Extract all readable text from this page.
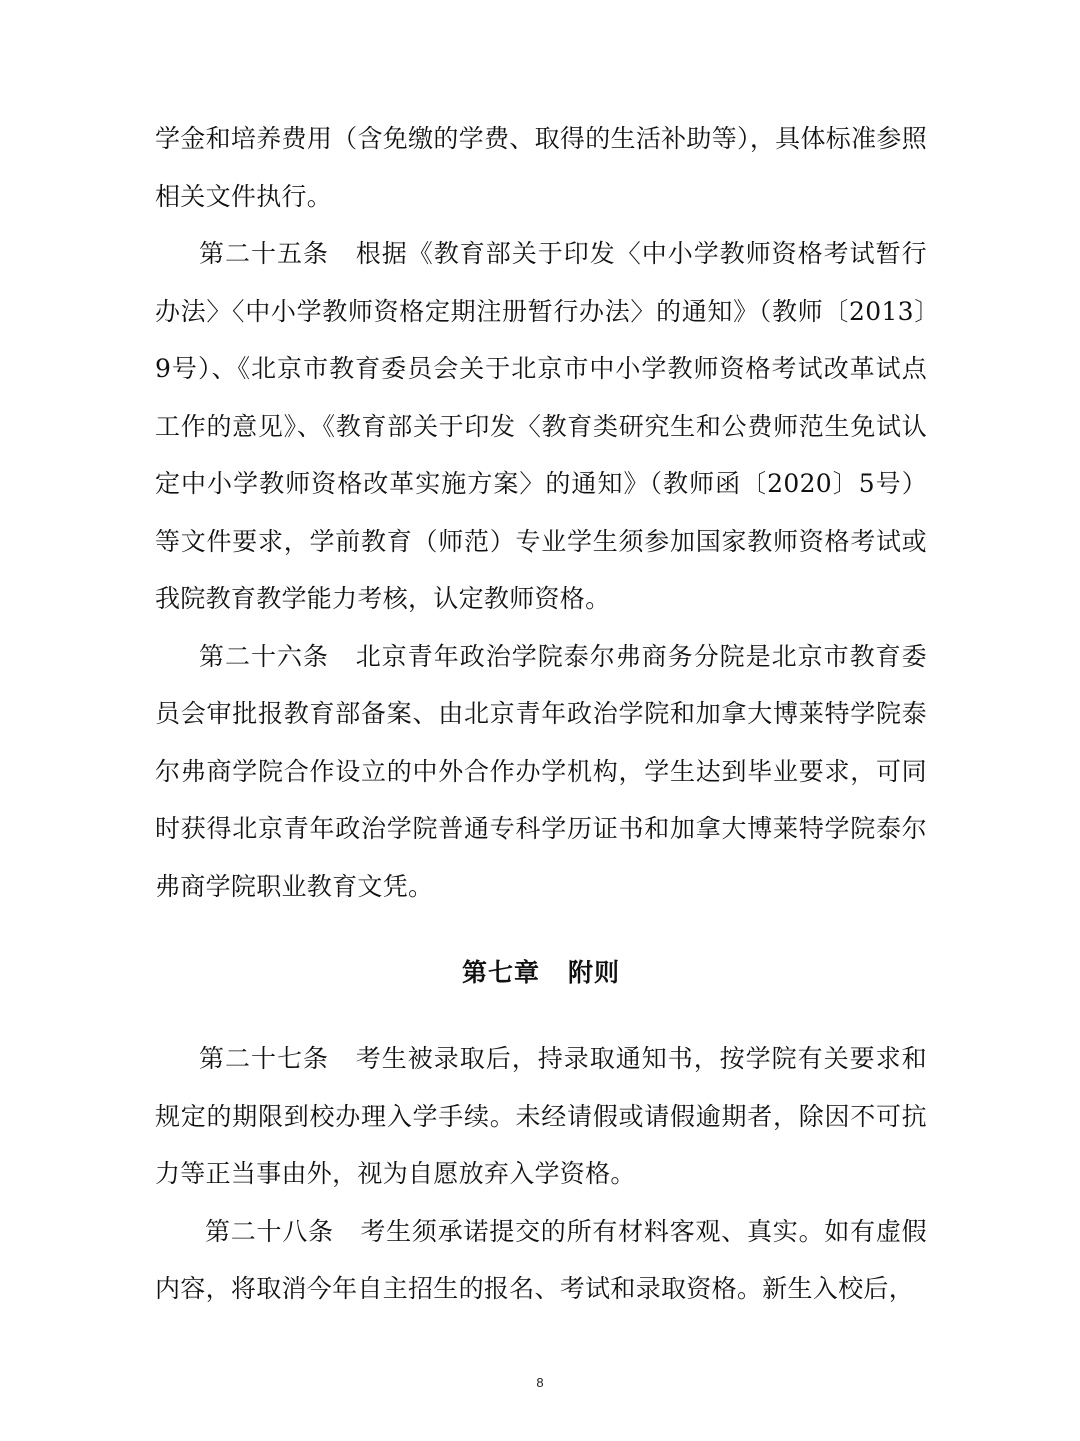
学金和培养费用（含免缴的学费、取得的生活补助等），具体标准参照相关文件执行。

第二十五条 根据《教育部关于印发〈中小学教师资格考试暂行办法〉〈中小学教师资格定期注册暂行办法〉的通知》（教师〔2013〕9号）、《北京市教育委员会关于北京市中小学教师资格考试改革试点工作的意见》、《教育部关于印发〈教育类研究生和公费师范生免试认定中小学教师资格改革实施方案〉的通知》（教师函〔2020〕5号）等文件要求，学前教育（师范）专业学生须参加国家教师资格考试或我院教育教学能力考核，认定教师资格。

第二十六条 北京青年政治学院泰尔弗商务分院是北京市教育委员会审批报教育部备案、由北京青年政治学院和加拿大博莱特学院泰尔弗商学院合作设立的中外合作办学机构，学生达到毕业要求，可同时获得北京青年政治学院普通专科学历证书和加拿大博莱特学院泰尔弗商学院职业教育文凭。

第七章 附则

第二十七条 考生被录取后，持录取通知书，按学院有关要求和规定的期限到校办理入学手续。未经请假或请假逾期者，除因不可抗力等正当事由外，视为自愿放弃入学资格。

第二十八条 考生须承诺提交的所有材料客观、真实。如有虚假内容，将取消今年自主招生的报名、考试和录取资格。新生入校后，

8
